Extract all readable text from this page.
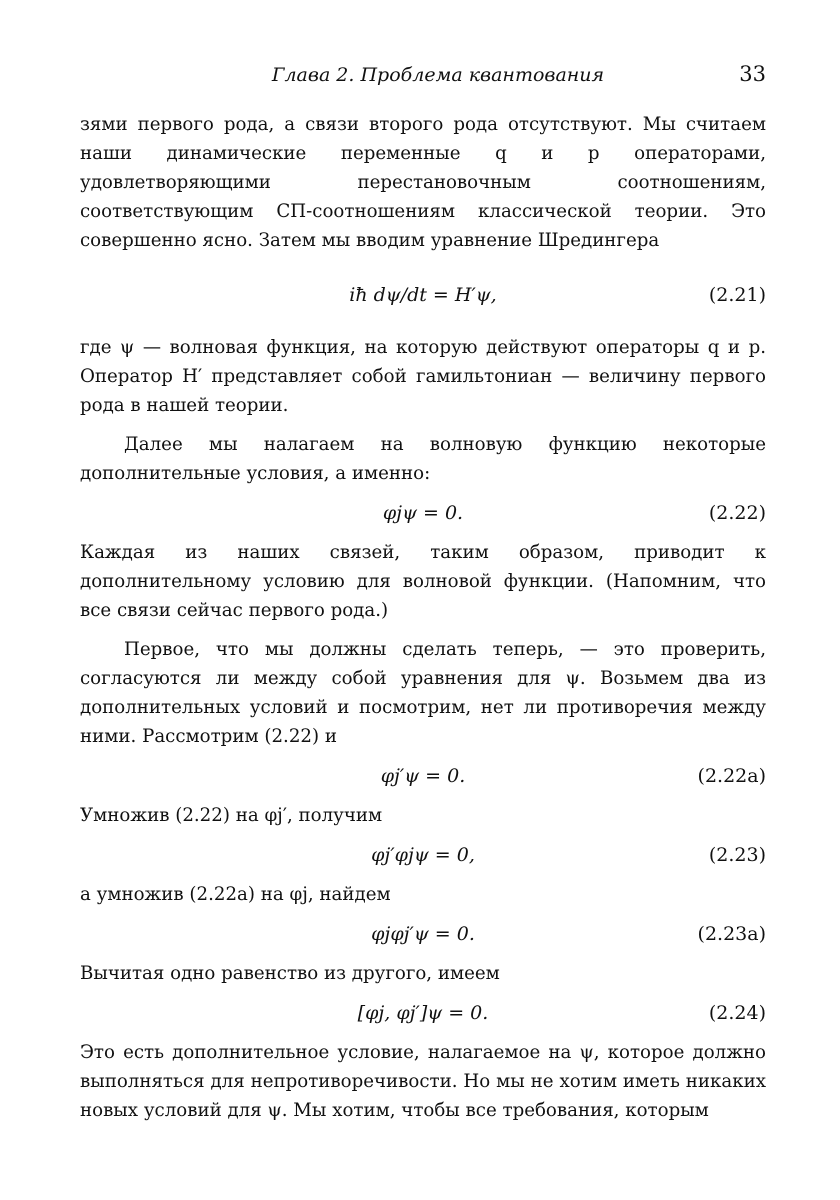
Глава 2. Проблема квантования	33

зями первого рода, а связи второго рода отсутствуют. Мы считаем наши динамические переменные q и p операторами, удовлетворяющими перестановочным соотношениям, соответствующим СП-соотношениям классической теории. Это совершенно ясно. Затем мы вводим уравнение Шредингера

iħ dψ/dt = H′ψ,	(2.21)

где ψ — волновая функция, на которую действуют операторы q и p. Оператор H′ представляет собой гамильтониан — величину первого рода в нашей теории.

Далее мы налагаем на волновую функцию некоторые дополнительные условия, а именно:

φjψ = 0.	(2.22)

Каждая из наших связей, таким образом, приводит к дополнительному условию для волновой функции. (Напомним, что все связи сейчас первого рода.)

Первое, что мы должны сделать теперь, — это проверить, согласуются ли между собой уравнения для ψ. Возьмем два из дополнительных условий и посмотрим, нет ли противоречия между ними. Рассмотрим (2.22) и

φj′ψ = 0.	(2.22a)

Умножив (2.22) на φj′, получим

φj′φjψ = 0,	(2.23)

а умножив (2.22а) на φj, найдем

φjφj′ψ = 0.	(2.23a)

Вычитая одно равенство из другого, имеем

[φj, φj′]ψ = 0.	(2.24)

Это есть дополнительное условие, налагаемое на ψ, которое должно выполняться для непротиворечивости. Но мы не хотим иметь никаких новых условий для ψ. Мы хотим, чтобы все требования, которым
